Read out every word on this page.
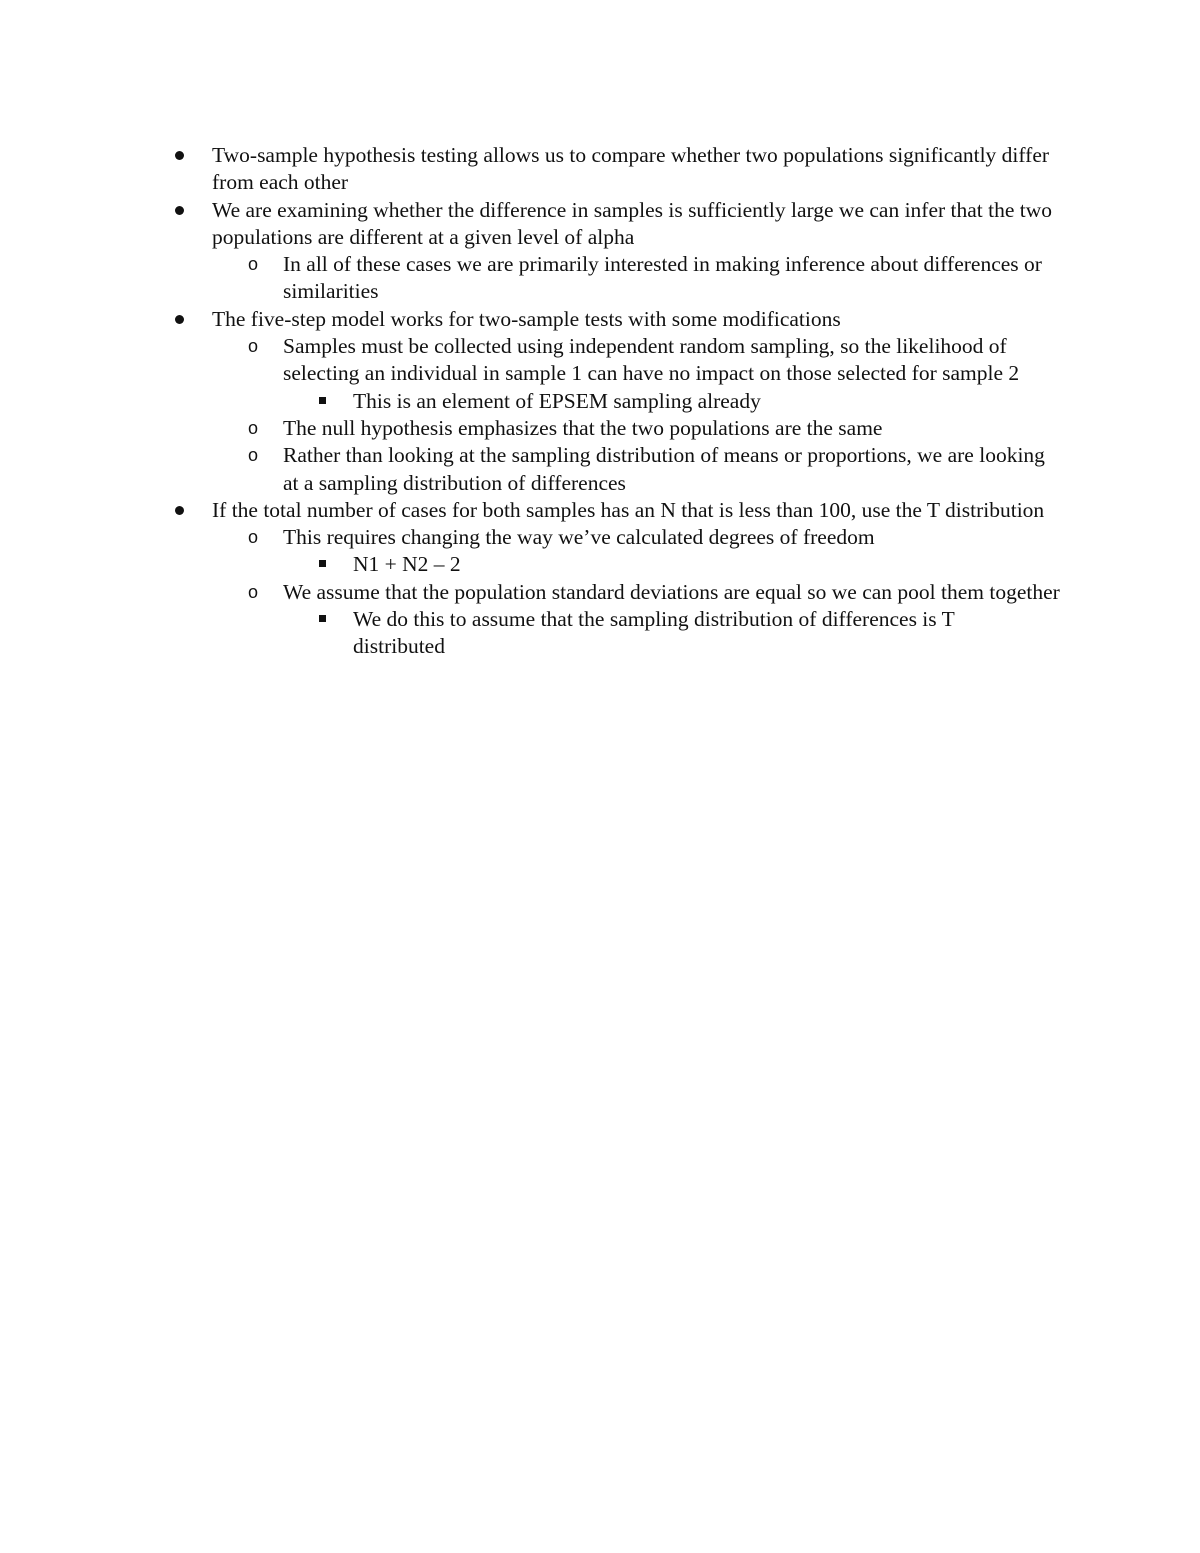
Two-sample hypothesis testing allows us to compare whether two populations significantly differ from each other
We are examining whether the difference in samples is sufficiently large we can infer that the two populations are different at a given level of alpha
o In all of these cases we are primarily interested in making inference about differences or similarities
The five-step model works for two-sample tests with some modifications
o Samples must be collected using independent random sampling, so the likelihood of selecting an individual in sample 1 can have no impact on those selected for sample 2
This is an element of EPSEM sampling already
o The null hypothesis emphasizes that the two populations are the same
o Rather than looking at the sampling distribution of means or proportions, we are looking at a sampling distribution of differences
If the total number of cases for both samples has an N that is less than 100, use the T distribution
o This requires changing the way we’ve calculated degrees of freedom
N1 + N2 – 2
o We assume that the population standard deviations are equal so we can pool them together
We do this to assume that the sampling distribution of differences is T distributed
